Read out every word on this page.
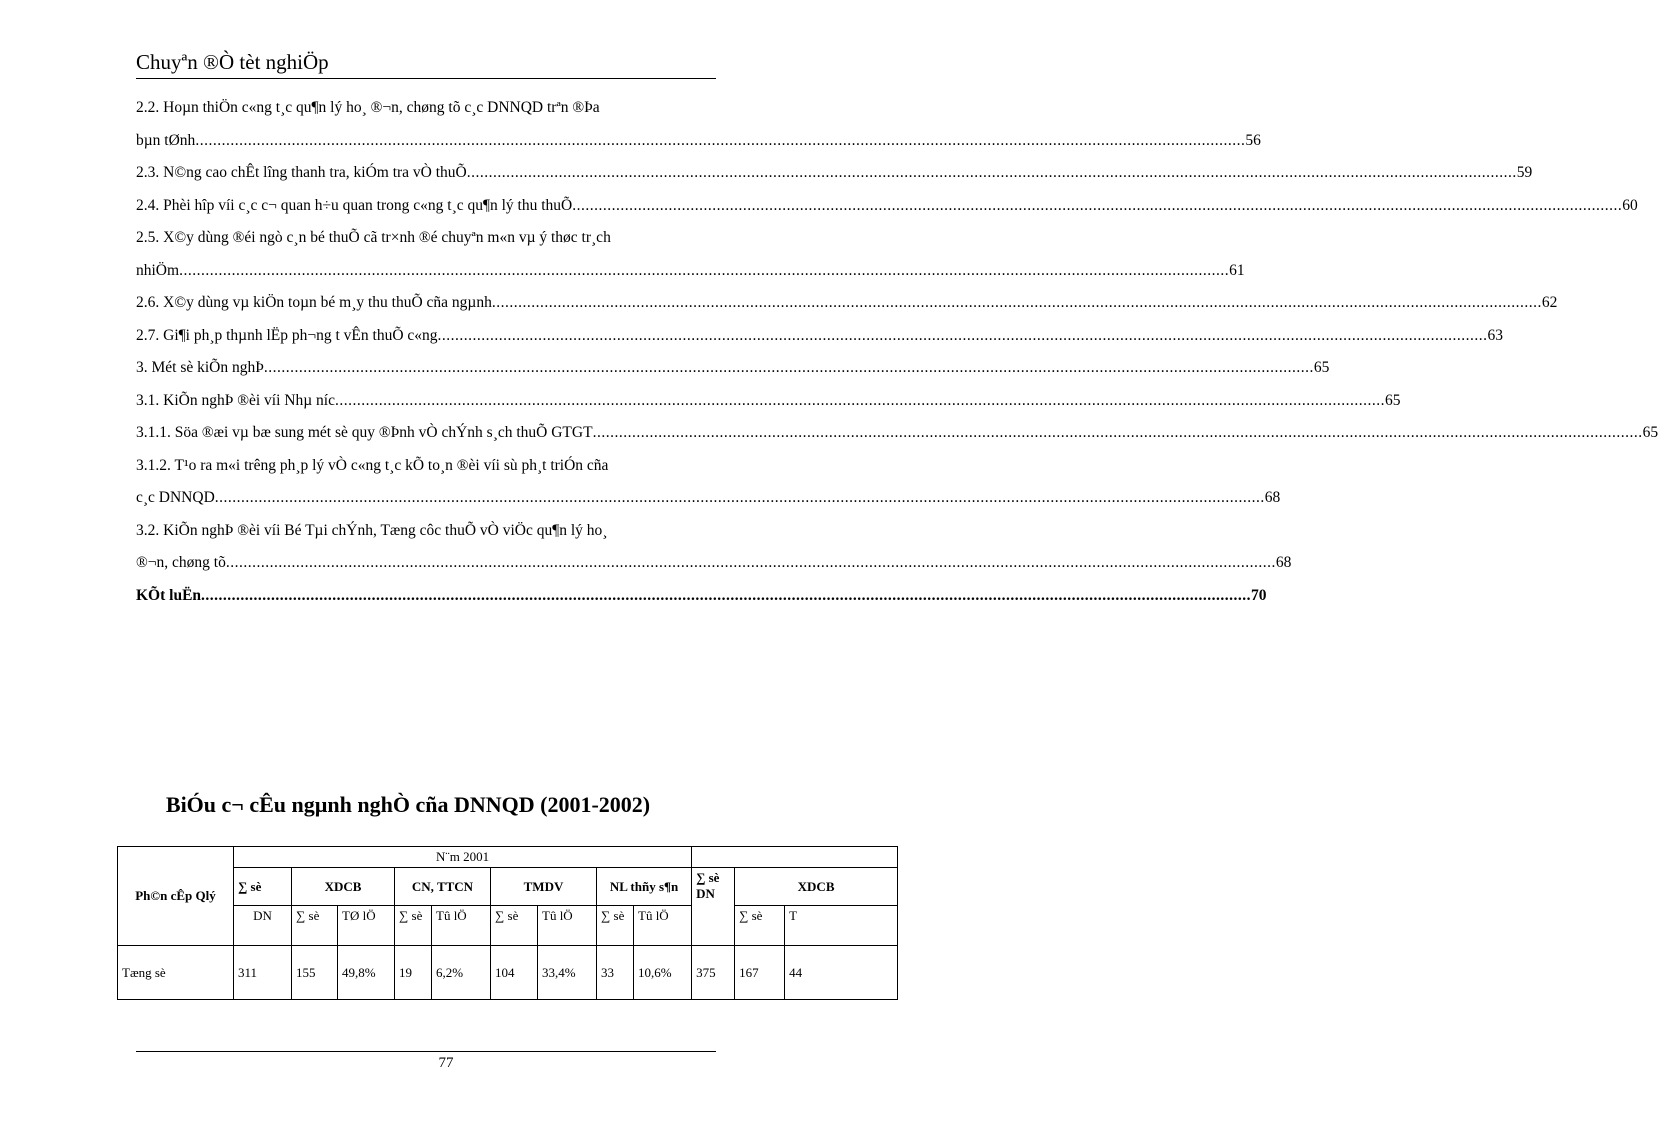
Chuyªn ®Ò tèt nghiÖp
2.2. Hoµn thiÖn c«ng t¸c qu¶n lý ho¸ ®¬n, chøng tõ c¸c DNNQD trªn ®Þa
bµn tØnh .....	56
2.3. N©ng cao chÊt lîng thanh tra, kiÓm tra vÒ thuÕ .....	59
2.4. Phèi hîp víi c¸c c¬ quan h÷u quan trong c«ng t¸c qu¶n lý thu thuÕ .....	60
2.5. X©y dùng ®éi ngò c¸n bé thuÕ cã tr×nh ®é chuyªn m«n vµ ý thøc tr¸ch
nhiÖm .....	61
2.6. X©y dùng vµ kiÖn toµn bé m¸y thu thuÕ cña ngµnh .....	62
2.7. Gi¶i ph¸p thµnh lËp ph¬ng t vÊn thuÕ c«ng .....	63
3. Mét sè kiÕn nghÞ .....	65
3.1. KiÕn nghÞ ®èi víi Nhµ níc .....	65
3.1.1. Söa ®æi vµ bæ sung mét sè quy ®Þnh vÒ chÝnh s¸ch thuÕ GTGT .....	65
3.1.2. T¹o ra m«i trêng ph¸p lý vÒ c«ng t¸c kÕ to¸n ®èi víi sù ph¸t triÓn cña
c¸c DNNQD .....	68
3.2. KiÕn nghÞ ®èi víi Bé Tµi chÝnh, Tæng côc thuÕ vÒ viÖc qu¶n lý ho¸
®¬n, chøng tõ .....	68
KÕt luËn .....	70
BiÓu c¬ cÊu ngµnh nghÒ cña DNNQD (2001-2002)
Ph©n cÊp Qlý	N¨m 2001											
	∑ sè	XDCB		CN, TTCN		TMDV		NL thñy s¶n		∑ sè DN	XDCB	
	DN	∑ sè	TØ lÖ	∑ sè	Tû lÖ	∑ sè	Tû lÖ	∑ sè	Tû lÖ		∑ sè	T
Tæng sè	311	155	49,8%	19	6,2%	104	33,4%	33	10,6%	375	167	44
77
